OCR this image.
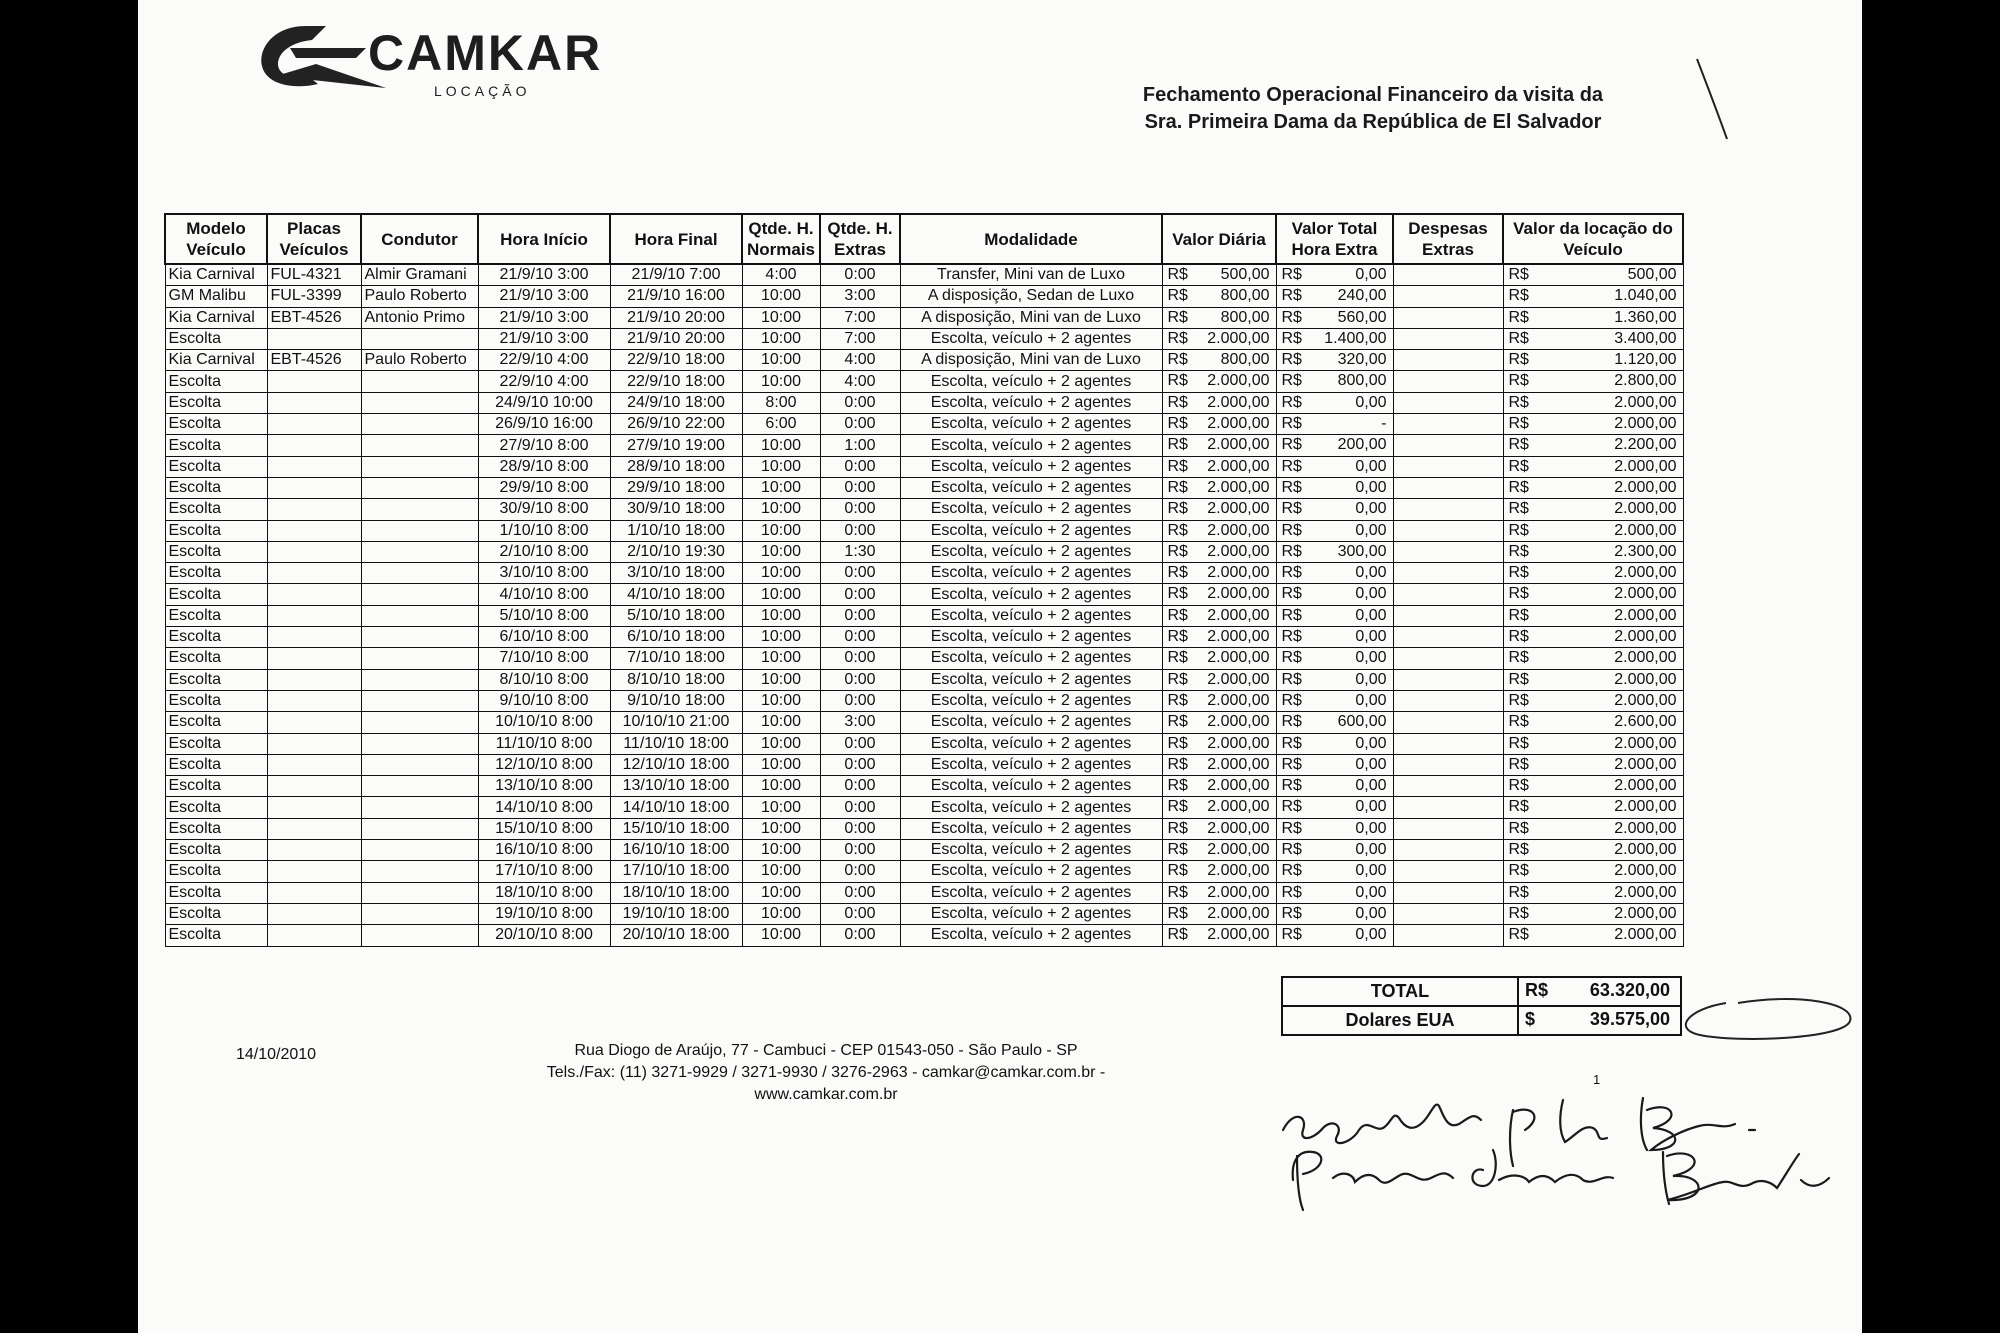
CAMKAR
LOCAÇÃO	Fechamento Operacional Financeiro da visita da
Sra. Primeira Dama da República de El Salvador
Modelo Veículo	Placas Veículos	Condutor	Hora Início	Hora Final	Qtde. H. Normais	Qtde. H. Extras	Modalidade	Valor Diária	Valor Total Hora Extra	Despesas Extras	Valor da locação do Veículo
Kia Carnival	FUL-4321	Almir Gramani	21/9/10 3:00	21/9/10 7:00	4:00	0:00	Transfer, Mini van de Luxo	R$ 500,00	R$ 0,00		R$ 500,00

GM Malibu	FUL-3399	Paulo Roberto	21/9/10 3:00	21/9/10 16:00	10:00	3:00	A disposição, Sedan de Luxo	R$ 800,00	R$ 240,00		R$ 1.040,00

Kia Carnival	EBT-4526	Antonio Primo	21/9/10 3:00	21/9/10 20:00	10:00	7:00	A disposição, Mini van de Luxo	R$ 800,00	R$ 560,00		R$ 1.360,00

Escolta			21/9/10 3:00	21/9/10 20:00	10:00	7:00	Escolta, veículo + 2 agentes	R$ 2.000,00	R$ 1.400,00		R$ 3.400,00

Kia Carnival	EBT-4526	Paulo Roberto	22/9/10 4:00	22/9/10 18:00	10:00	4:00	A disposição, Mini van de Luxo	R$ 800,00	R$ 320,00		R$ 1.120,00

Escolta			22/9/10 4:00	22/9/10 18:00	10:00	4:00	Escolta, veículo + 2 agentes	R$ 2.000,00	R$ 800,00		R$ 2.800,00

Escolta			24/9/10 10:00	24/9/10 18:00	8:00	0:00	Escolta, veículo + 2 agentes	R$ 2.000,00	R$ 0,00		R$ 2.000,00

Escolta			26/9/10 16:00	26/9/10 22:00	6:00	0:00	Escolta, veículo + 2 agentes	R$ 2.000,00	R$ -		R$ 2.000,00

Escolta			27/9/10 8:00	27/9/10 19:00	10:00	1:00	Escolta, veículo + 2 agentes	R$ 2.000,00	R$ 200,00		R$ 2.200,00

Escolta			28/9/10 8:00	28/9/10 18:00	10:00	0:00	Escolta, veículo + 2 agentes	R$ 2.000,00	R$ 0,00		R$ 2.000,00

Escolta			29/9/10 8:00	29/9/10 18:00	10:00	0:00	Escolta, veículo + 2 agentes	R$ 2.000,00	R$ 0,00		R$ 2.000,00

Escolta			30/9/10 8:00	30/9/10 18:00	10:00	0:00	Escolta, veículo + 2 agentes	R$ 2.000,00	R$ 0,00		R$ 2.000,00

Escolta			1/10/10 8:00	1/10/10 18:00	10:00	0:00	Escolta, veículo + 2 agentes	R$ 2.000,00	R$ 0,00		R$ 2.000,00

Escolta			2/10/10 8:00	2/10/10 19:30	10:00	1:30	Escolta, veículo + 2 agentes	R$ 2.000,00	R$ 300,00		R$ 2.300,00

Escolta			3/10/10 8:00	3/10/10 18:00	10:00	0:00	Escolta, veículo + 2 agentes	R$ 2.000,00	R$ 0,00		R$ 2.000,00

Escolta			4/10/10 8:00	4/10/10 18:00	10:00	0:00	Escolta, veículo + 2 agentes	R$ 2.000,00	R$ 0,00		R$ 2.000,00

Escolta			5/10/10 8:00	5/10/10 18:00	10:00	0:00	Escolta, veículo + 2 agentes	R$ 2.000,00	R$ 0,00		R$ 2.000,00

Escolta			6/10/10 8:00	6/10/10 18:00	10:00	0:00	Escolta, veículo + 2 agentes	R$ 2.000,00	R$ 0,00		R$ 2.000,00

Escolta			7/10/10 8:00	7/10/10 18:00	10:00	0:00	Escolta, veículo + 2 agentes	R$ 2.000,00	R$ 0,00		R$ 2.000,00

Escolta			8/10/10 8:00	8/10/10 18:00	10:00	0:00	Escolta, veículo + 2 agentes	R$ 2.000,00	R$ 0,00		R$ 2.000,00

Escolta			9/10/10 8:00	9/10/10 18:00	10:00	0:00	Escolta, veículo + 2 agentes	R$ 2.000,00	R$ 0,00		R$ 2.000,00

Escolta			10/10/10 8:00	10/10/10 21:00	10:00	3:00	Escolta, veículo + 2 agentes	R$ 2.000,00	R$ 600,00		R$ 2.600,00

Escolta			11/10/10 8:00	11/10/10 18:00	10:00	0:00	Escolta, veículo + 2 agentes	R$ 2.000,00	R$ 0,00		R$ 2.000,00

Escolta			12/10/10 8:00	12/10/10 18:00	10:00	0:00	Escolta, veículo + 2 agentes	R$ 2.000,00	R$ 0,00		R$ 2.000,00

Escolta			13/10/10 8:00	13/10/10 18:00	10:00	0:00	Escolta, veículo + 2 agentes	R$ 2.000,00	R$ 0,00		R$ 2.000,00

Escolta			14/10/10 8:00	14/10/10 18:00	10:00	0:00	Escolta, veículo + 2 agentes	R$ 2.000,00	R$ 0,00		R$ 2.000,00

Escolta			15/10/10 8:00	15/10/10 18:00	10:00	0:00	Escolta, veículo + 2 agentes	R$ 2.000,00	R$ 0,00		R$ 2.000,00

Escolta			16/10/10 8:00	16/10/10 18:00	10:00	0:00	Escolta, veículo + 2 agentes	R$ 2.000,00	R$ 0,00		R$ 2.000,00

Escolta			17/10/10 8:00	17/10/10 18:00	10:00	0:00	Escolta, veículo + 2 agentes	R$ 2.000,00	R$ 0,00		R$ 2.000,00

Escolta			18/10/10 8:00	18/10/10 18:00	10:00	0:00	Escolta, veículo + 2 agentes	R$ 2.000,00	R$ 0,00		R$ 2.000,00

Escolta			19/10/10 8:00	19/10/10 18:00	10:00	0:00	Escolta, veículo + 2 agentes	R$ 2.000,00	R$ 0,00		R$ 2.000,00

Escolta			20/10/10 8:00	20/10/10 18:00	10:00	0:00	Escolta, veículo + 2 agentes	R$ 2.000,00	R$ 0,00		R$ 2.000,00
TOTAL	R$ 63.320,00

Dolares EUA	$ 39.575,00
14/10/2010	Rua Diogo de Araújo, 77 - Cambuci - CEP 01543-050 - São Paulo - SP
Tels./Fax: (11) 3271-9929 / 3271-9930 / 3276-2963 - camkar@camkar.com.br - www.camkar.com.br
1
